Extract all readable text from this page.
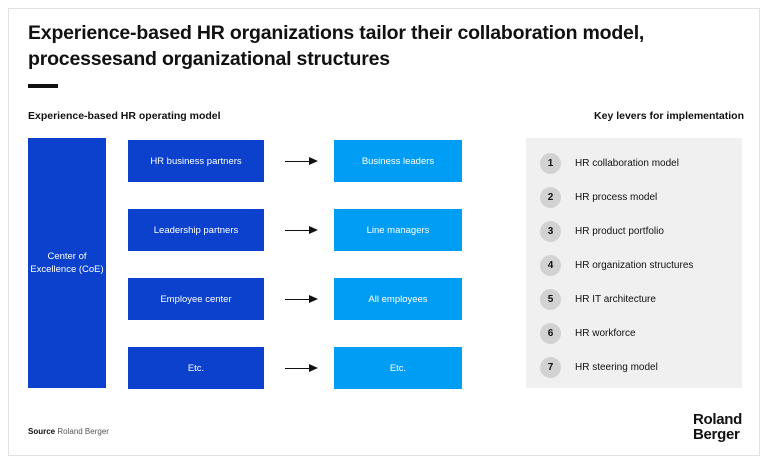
Experience-based HR organizations tailor their collaboration model, processesand organizational structures
Experience-based HR operating model	Key levers for implementation
Center of Excellence (CoE)
HR business partners	Business leaders
Leadership partners	Line managers
Employee center	All employees
Etc.	Etc.
1	HR collaboration model
2	HR process model
3	HR product portfolio
4	HR organization structures
5	HR IT architecture
6	HR workforce
7	HR steering model
Source Roland Berger
Roland
Berger
